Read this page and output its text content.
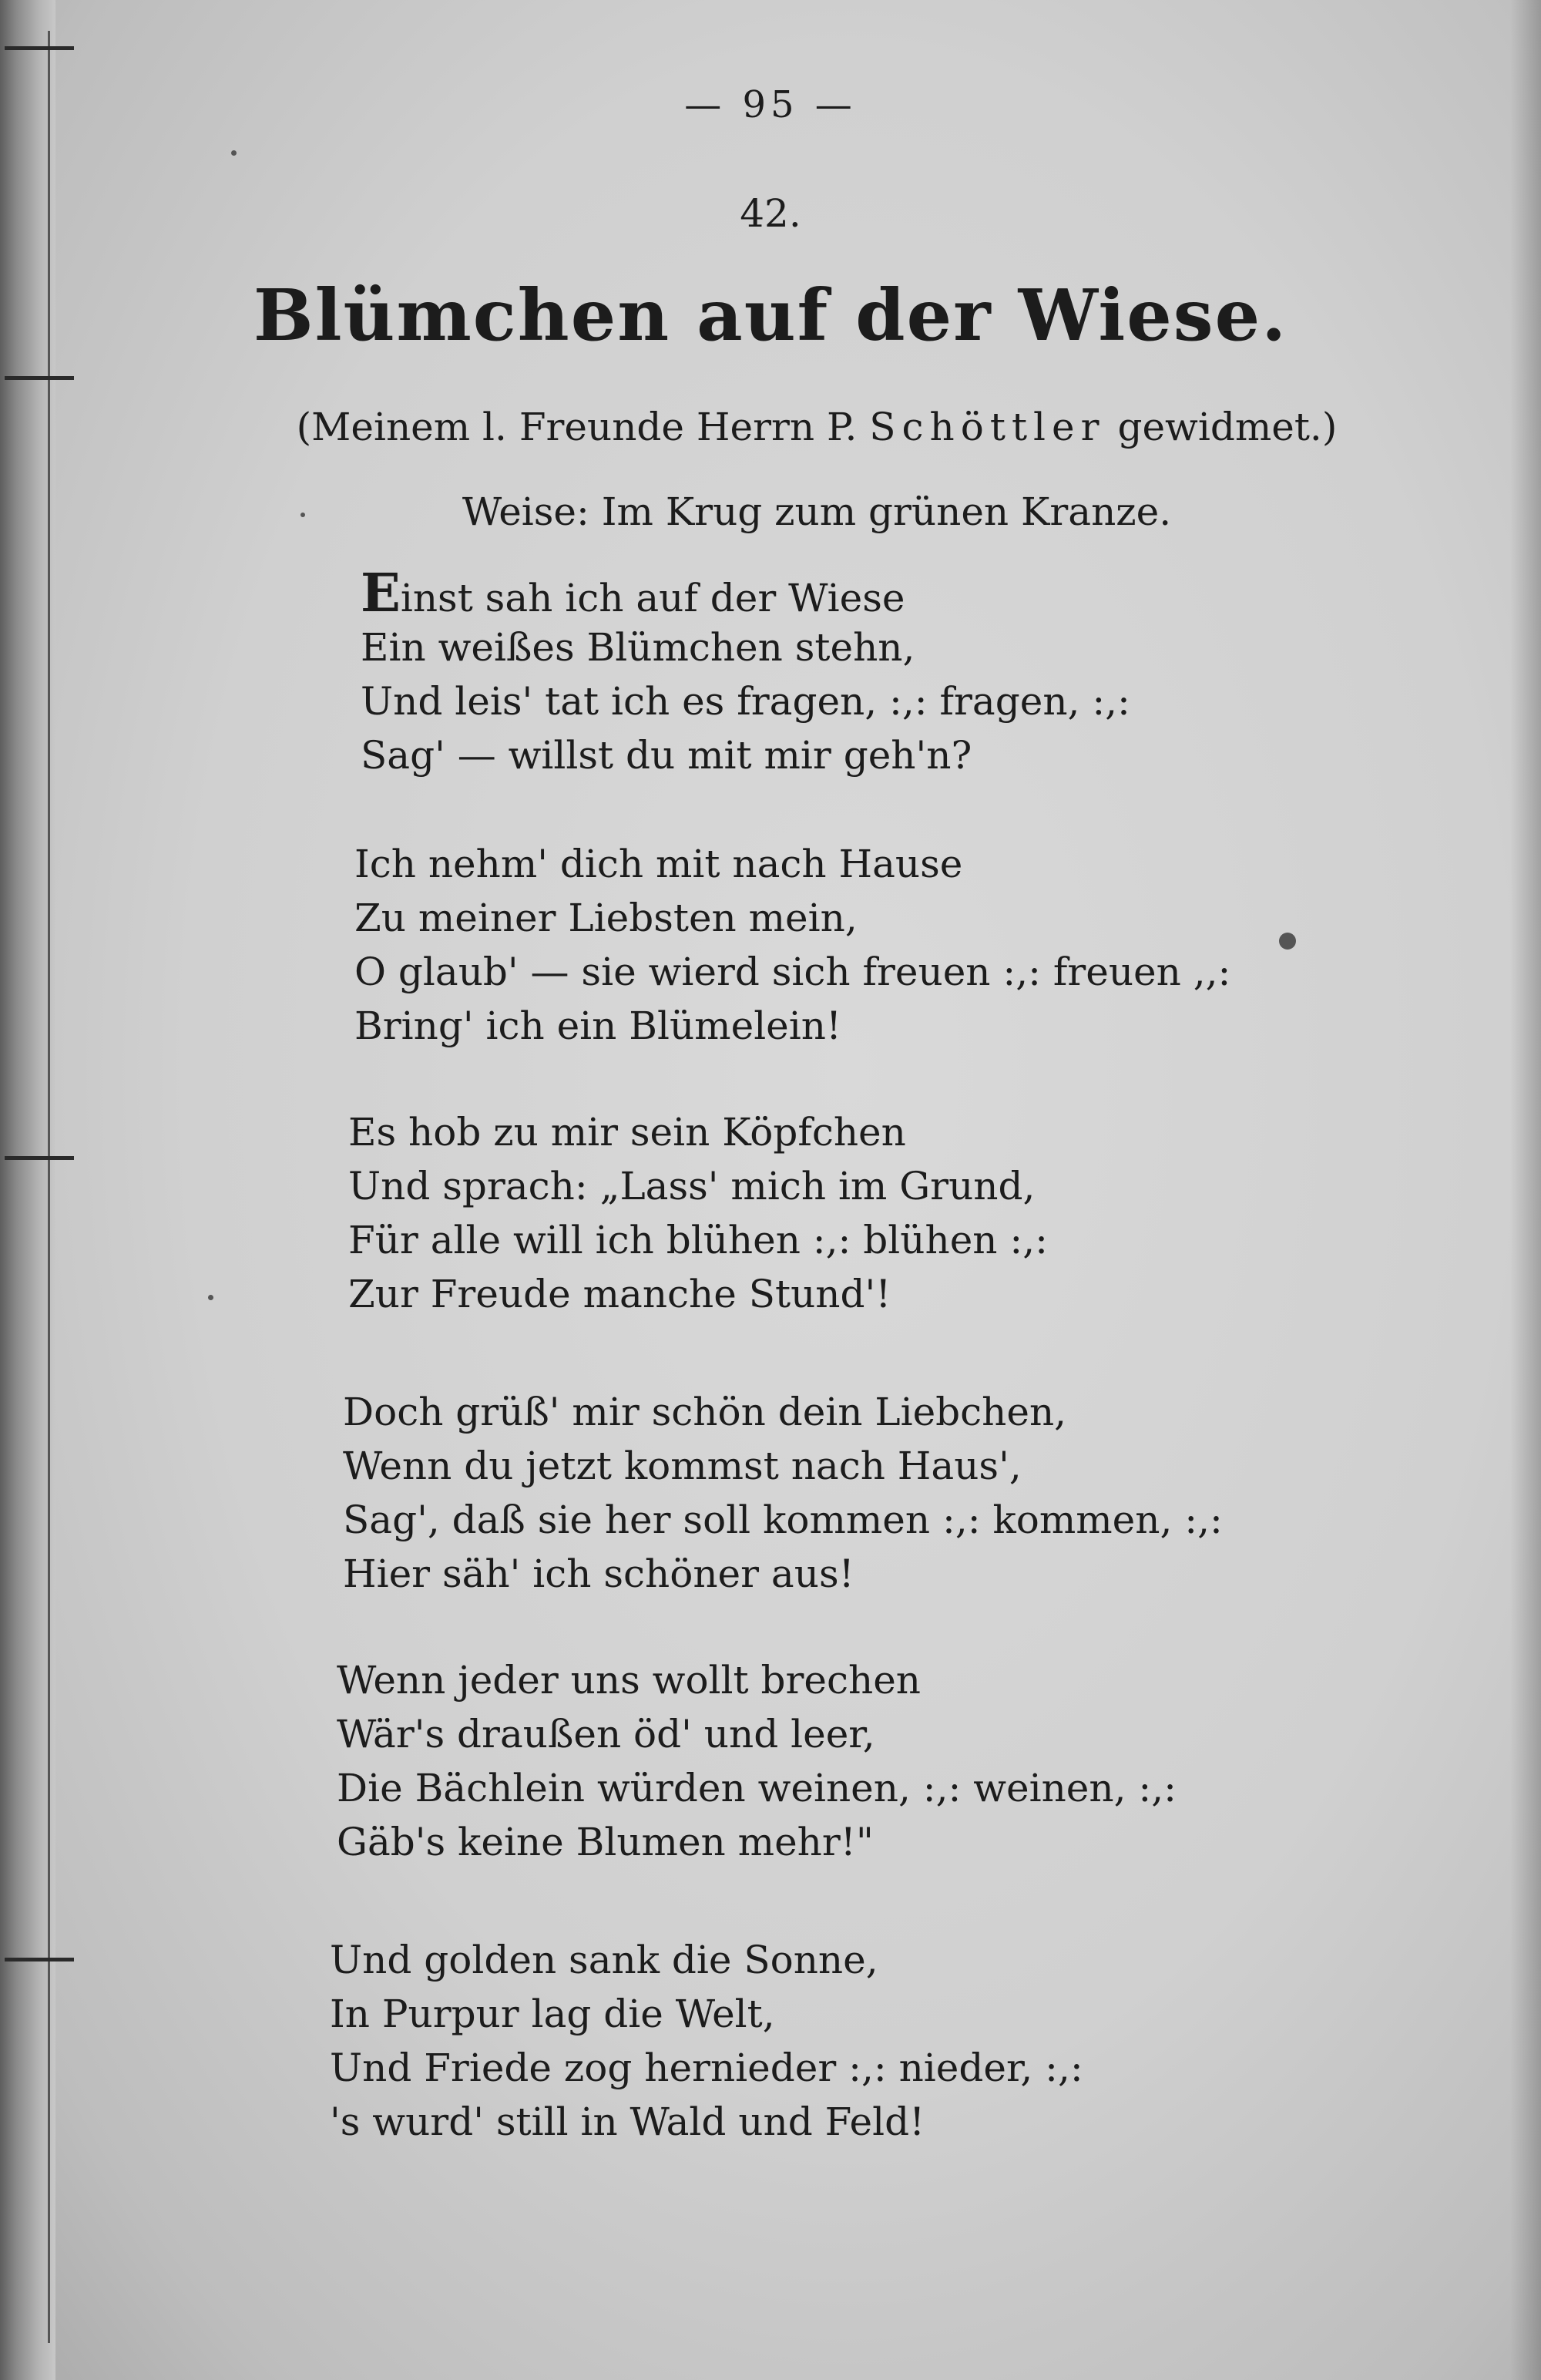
— 95 —
42.
Blümchen auf der Wiese.
(Meinem l. Freunde Herrn P. Schöttler gewidmet.)
Weise: Im Krug zum grünen Kranze.
Einst sah ich auf der Wiese
Ein weißes Blümchen stehn,
Und leis' tat ich es fragen, :,: fragen, :,:
Sag' — willst du mit mir geh'n?
Ich nehm' dich mit nach Hause
Zu meiner Liebsten mein,
O glaub' — sie wierd sich freuen :,: freuen ,,:
Bring' ich ein Blümelein!
Es hob zu mir sein Köpfchen
Und sprach: „Lass' mich im Grund,
Für alle will ich blühen :,: blühen :,:
Zur Freude manche Stund'!
Doch grüß' mir schön dein Liebchen,
Wenn du jetzt kommst nach Haus',
Sag', daß sie her soll kommen :,: kommen, :,:
Hier säh' ich schöner aus!
Wenn jeder uns wollt brechen
Wär's draußen öd' und leer,
Die Bächlein würden weinen, :,: weinen, :,:
Gäb's keine Blumen mehr!"
Und golden sank die Sonne,
In Purpur lag die Welt,
Und Friede zog hernieder :,: nieder, :,:
's wurd' still in Wald und Feld!
